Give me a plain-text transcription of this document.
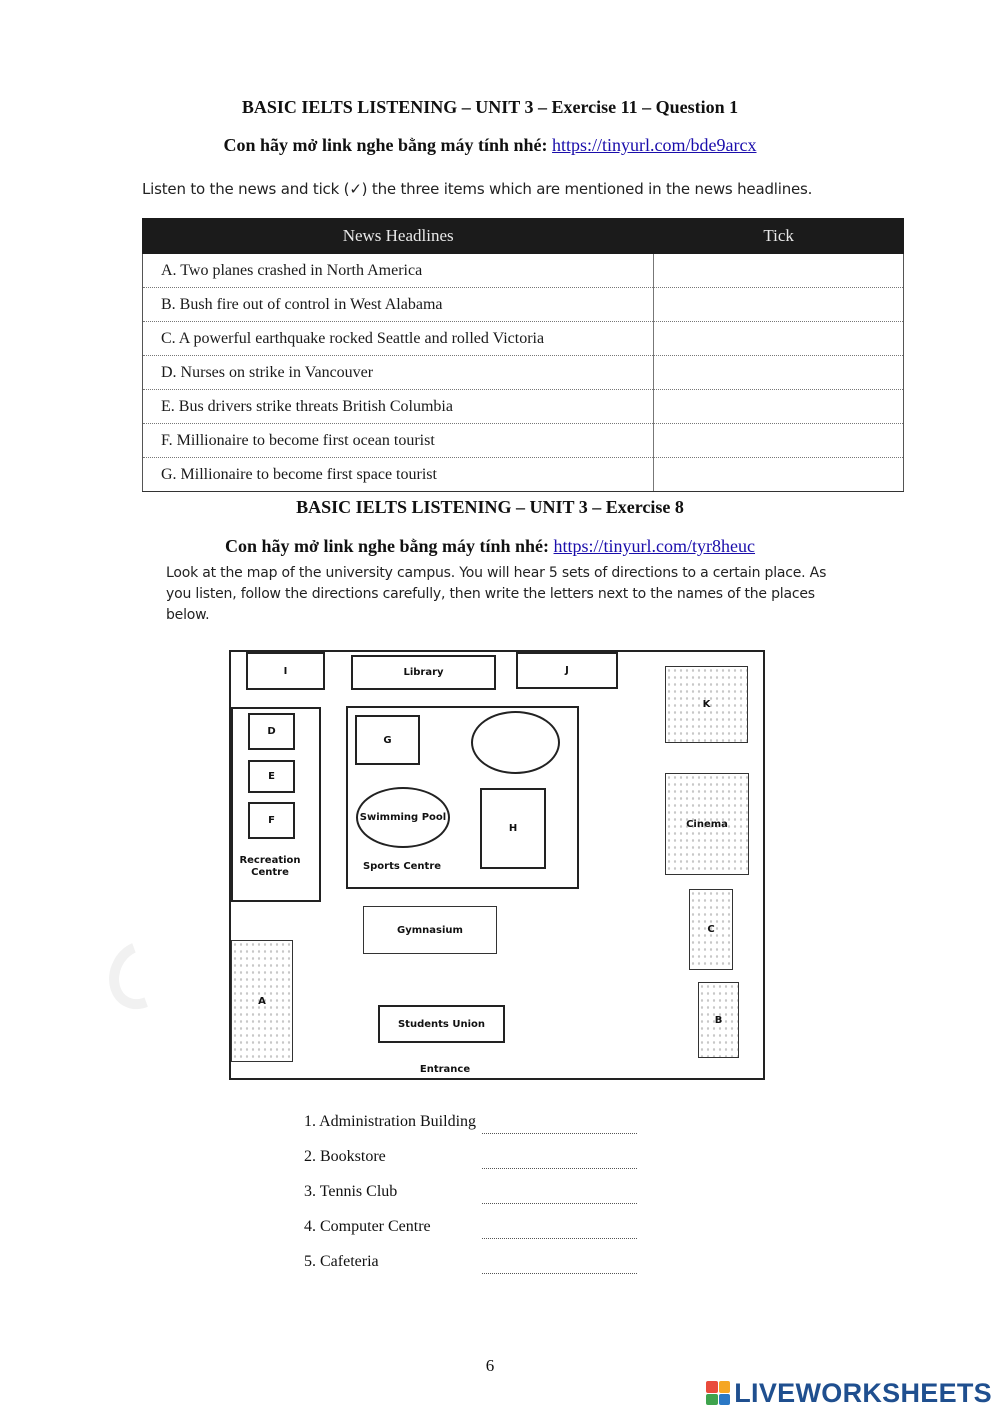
BASIC IELTS LISTENING – UNIT 3 – Exercise 11 – Question 1
Con hãy mở link nghe bằng máy tính nhé: https://tinyurl.com/bde9arcx
Listen to the news and tick (✓) the three items which are mentioned in the news headlines.
News Headlines	Tick
A. Two planes crashed in North America	
B. Bush fire out of control in West Alabama	
C. A powerful earthquake rocked Seattle and rolled Victoria	
D. Nurses on strike in Vancouver	
E. Bus drivers strike threats British Columbia	
F. Millionaire to become first ocean tourist	
G. Millionaire to become first space tourist	
BASIC IELTS LISTENING – UNIT 3 – Exercise 8
Con hãy mở link nghe bằng máy tính nhé: https://tinyurl.com/tyr8heuc
Look at the map of the university campus. You will hear 5 sets of directions to a certain place. As
you listen, follow the directions carefully, then write the letters next to the names of the places
below.
I	Library	J
K
D
E
F
Recreation Centre
G
Swimming Pool
H
Sports Centre
Cinema
C
Gymnasium
A
B
Students Union
Entrance
1. Administration Building
2. Bookstore
3. Tennis Club
4. Computer Centre
5. Cafeteria
6
LIVEWORKSHEETS
